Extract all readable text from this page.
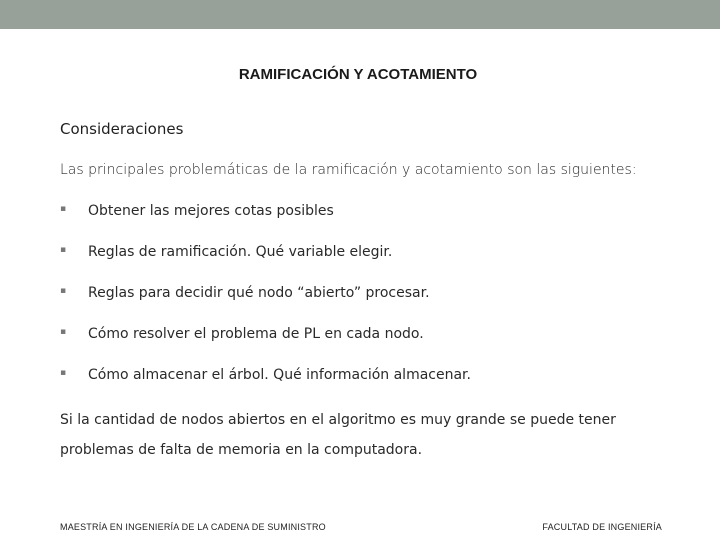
RAMIFICACIÓN Y ACOTAMIENTO

Consideraciones

Las principales problemáticas de la ramificación y acotamiento son las siguientes:

▪ Obtener las mejores cotas posibles
▪ Reglas de ramificación. Qué variable elegir.
▪ Reglas para decidir qué nodo “abierto” procesar.
▪ Cómo resolver el problema de PL en cada nodo.
▪ Cómo almacenar el árbol. Qué información almacenar.

Si la cantidad de nodos abiertos en el algoritmo es muy grande se puede tener problemas de falta de memoria en la computadora.

MAESTRÍA EN INGENIERÍA DE LA CADENA DE SUMINISTRO	FACULTAD DE INGENIERÍA
